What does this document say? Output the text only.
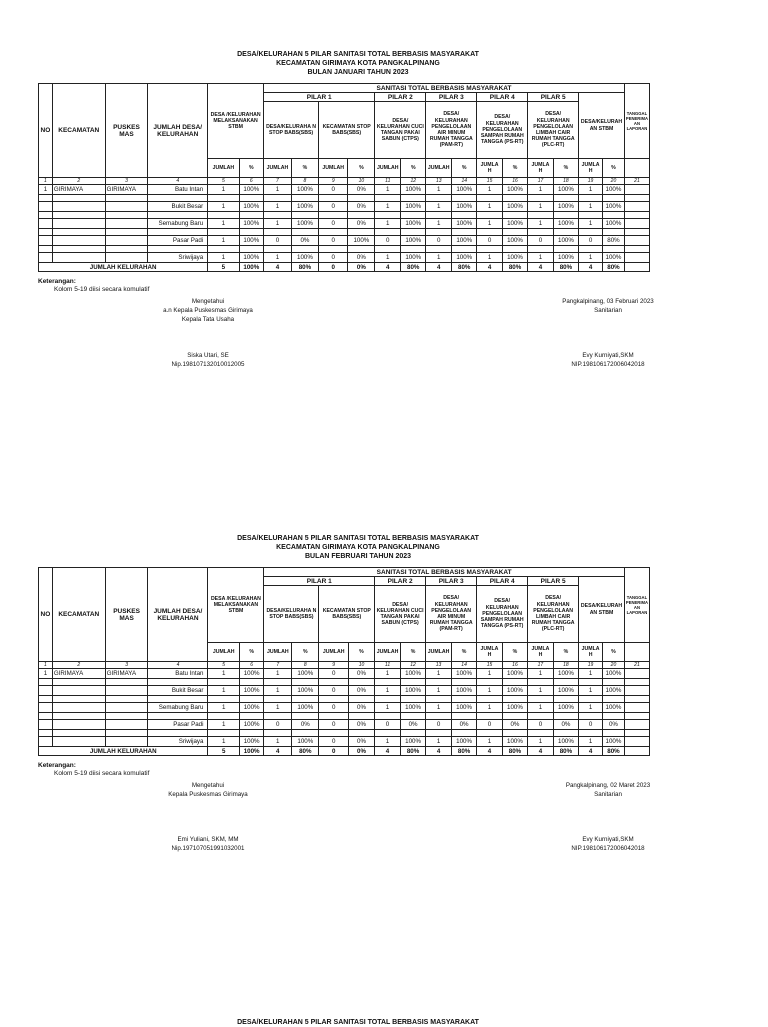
DESA/KELURAHAN 5 PILAR SANITASI TOTAL BERBASIS MASYARAKAT
KECAMATAN GIRIMAYA KOTA PANGKALPINANG
BULAN JANUARI TAHUN 2023
NO	KECAMATAN	PUSKES MAS	JUMLAH DESA/ KELURAHAN	DESA /KELURAHAN MELAKSANAKAN STBM		SANITASI TOTAL BERBASIS MASYARAKAT														TANGGAL PENERIMA AN LAPORAN
						PILAR 1				PILAR 2		PILAR 3		PILAR 4		PILAR 5		DESA/KELURAH AN STBM		
						DESA/KELURAHA N STOP BABS(SBS)		KECAMATAN STOP BABS(SBS)		DESA/ KELURAHAN CUCI TANGAN PAKAI SABUN (CTPS)		DESA/ KELURAHAN PENGELOLAAN AIR MINUM RUMAH TANGGA (PAM-RT)		DESA/ KELURAHAN PENGELOLAAN SAMPAH RUMAH TANGGA (PS-RT)		DESA/ KELURAHAN PENGELOLAAN LIMBAH CAIR RUMAH TANGGA (PLC-RT)				
				JUMLAH	%	JUMLAH	%	JUMLAH	%	JUMLAH	%	JUMLAH	%	JUMLA H	%	JUMLA H	%	JUMLA H	%	
1	2	3	4	5	6	7	8	9	10	11	12	13	14	15	16	17	18	19	20	21
1	GIRIMAYA	GIRIMAYA	Batu Intan	1	100%	1	100%	0	0%	1	100%	1	100%	1	100%	1	100%	1	100%	

			Bukit Besar	1	100%	1	100%	0	0%	1	100%	1	100%	1	100%	1	100%	1	100%	

			Semabung Baru	1	100%	1	100%	0	0%	1	100%	1	100%	1	100%	1	100%	1	100%	

			Pasar Padi	1	100%	0	0%	0	100%	0	100%	0	100%	0	100%	0	100%	0	80%	

			Sriwijaya	1	100%	1	100%	0	0%	1	100%	1	100%	1	100%	1	100%	1	100%	
JUMLAH KELURAHAN				5	100%	4	80%	0	0%	4	80%	4	80%	4	80%	4	80%	4	80%	
Keterangan:
Kolom 5-19 diisi secara komulatif
Mengetahui
a.n Kepala Puskesmas Girimaya
Kepala Tata Usaha
Siska Utari, SE
Nip.198107132010012005
Pangkalpinang, 03 Februari 2023
Sanitarian
Evy Kurniyati,SKM
NIP.198106172006042018
DESA/KELURAHAN 5 PILAR SANITASI TOTAL BERBASIS MASYARAKAT
KECAMATAN GIRIMAYA KOTA PANGKALPINANG
BULAN FEBRUARI TAHUN 2023
NO	KECAMATAN	PUSKES MAS	JUMLAH DESA/ KELURAHAN	DESA /KELURAHAN MELAKSANAKAN STBM		SANITASI TOTAL BERBASIS MASYARAKAT														TANGGAL PENERIMA AN LAPORAN
						PILAR 1				PILAR 2		PILAR 3		PILAR 4		PILAR 5		DESA/KELURAH AN STBM		
						DESA/KELURAHA N STOP BABS(SBS)		KECAMATAN STOP BABS(SBS)		DESA/ KELURAHAN CUCI TANGAN PAKAI SABUN (CTPS)		DESA/ KELURAHAN PENGELOLAAN AIR MINUM RUMAH TANGGA (PAM-RT)		DESA/ KELURAHAN PENGELOLAAN SAMPAH RUMAH TANGGA (PS-RT)		DESA/ KELURAHAN PENGELOLAAN LIMBAH CAIR RUMAH TANGGA (PLC-RT)				
				JUMLAH	%	JUMLAH	%	JUMLAH	%	JUMLAH	%	JUMLAH	%	JUMLA H	%	JUMLA H	%	JUMLA H	%	
1	2	3	4	5	6	7	8	9	10	11	12	13	14	15	16	17	18	19	20	21
1	GIRIMAYA	GIRIMAYA	Batu Intan	1	100%	1	100%	0	0%	1	100%	1	100%	1	100%	1	100%	1	100%	

			Bukit Besar	1	100%	1	100%	0	0%	1	100%	1	100%	1	100%	1	100%	1	100%	

			Semabung Baru	1	100%	1	100%	0	0%	1	100%	1	100%	1	100%	1	100%	1	100%	

			Pasar Padi	1	100%	0	0%	0	0%	0	0%	0	0%	0	0%	0	0%	0	0%	

			Sriwijaya	1	100%	1	100%	0	0%	1	100%	1	100%	1	100%	1	100%	1	100%	
JUMLAH KELURAHAN				5	100%	4	80%	0	0%	4	80%	4	80%	4	80%	4	80%	4	80%	
Keterangan:
Kolom 5-19 diisi secara komulatif
Mengetahui
Kepala Puskesmas Girimaya
Emi Yuliani, SKM, MM
Nip.197107051991032001
Pangkalpinang, 02 Maret 2023
Sanitarian
Evy Kurniyati,SKM
NIP.198106172006042018
DESA/KELURAHAN 5 PILAR SANITASI TOTAL BERBASIS MASYARAKAT
